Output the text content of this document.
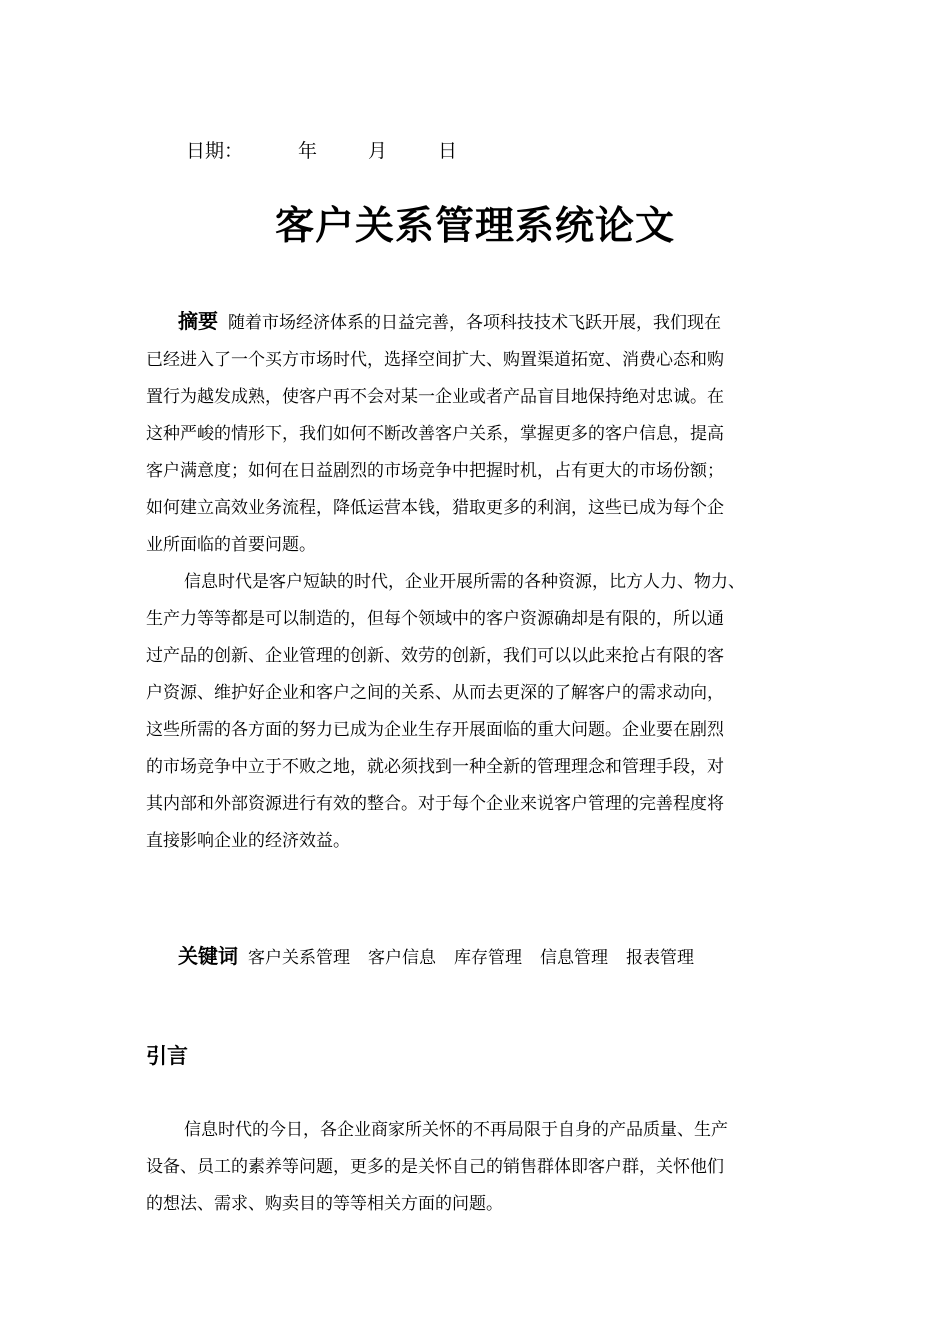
日期：	年	月	日
客户关系管理系统论文
摘要 随着市场经济体系的日益完善，各项科技技术飞跃开展，我们现在
已经进入了一个买方市场时代，选择空间扩大、购置渠道拓宽、消费心态和购
置行为越发成熟，使客户再不会对某一企业或者产品盲目地保持绝对忠诚。在
这种严峻的情形下，我们如何不断改善客户关系，掌握更多的客户信息，提高
客户满意度；如何在日益剧烈的市场竞争中把握时机，占有更大的市场份额；
如何建立高效业务流程，降低运营本钱，猎取更多的利润，这些已成为每个企
业所面临的首要问题。
信息时代是客户短缺的时代，企业开展所需的各种资源，比方人力、物力、
生产力等等都是可以制造的，但每个领域中的客户资源确却是有限的，所以通
过产品的创新、企业管理的创新、效劳的创新，我们可以以此来抢占有限的客
户资源、维护好企业和客户之间的关系、从而去更深的了解客户的需求动向，
这些所需的各方面的努力已成为企业生存开展面临的重大问题。企业要在剧烈
的市场竞争中立于不败之地，就必须找到一种全新的管理理念和管理手段，对
其内部和外部资源进行有效的整合。对于每个企业来说客户管理的完善程度将
直接影响企业的经济效益。
关键词 客户关系管理 客户信息 库存管理 信息管理 报表管理
引言
信息时代的今日，各企业商家所关怀的不再局限于自身的产品质量、生产
设备、员工的素养等问题，更多的是关怀自己的销售群体即客户群，关怀他们
的想法、需求、购卖目的等等相关方面的问题。
